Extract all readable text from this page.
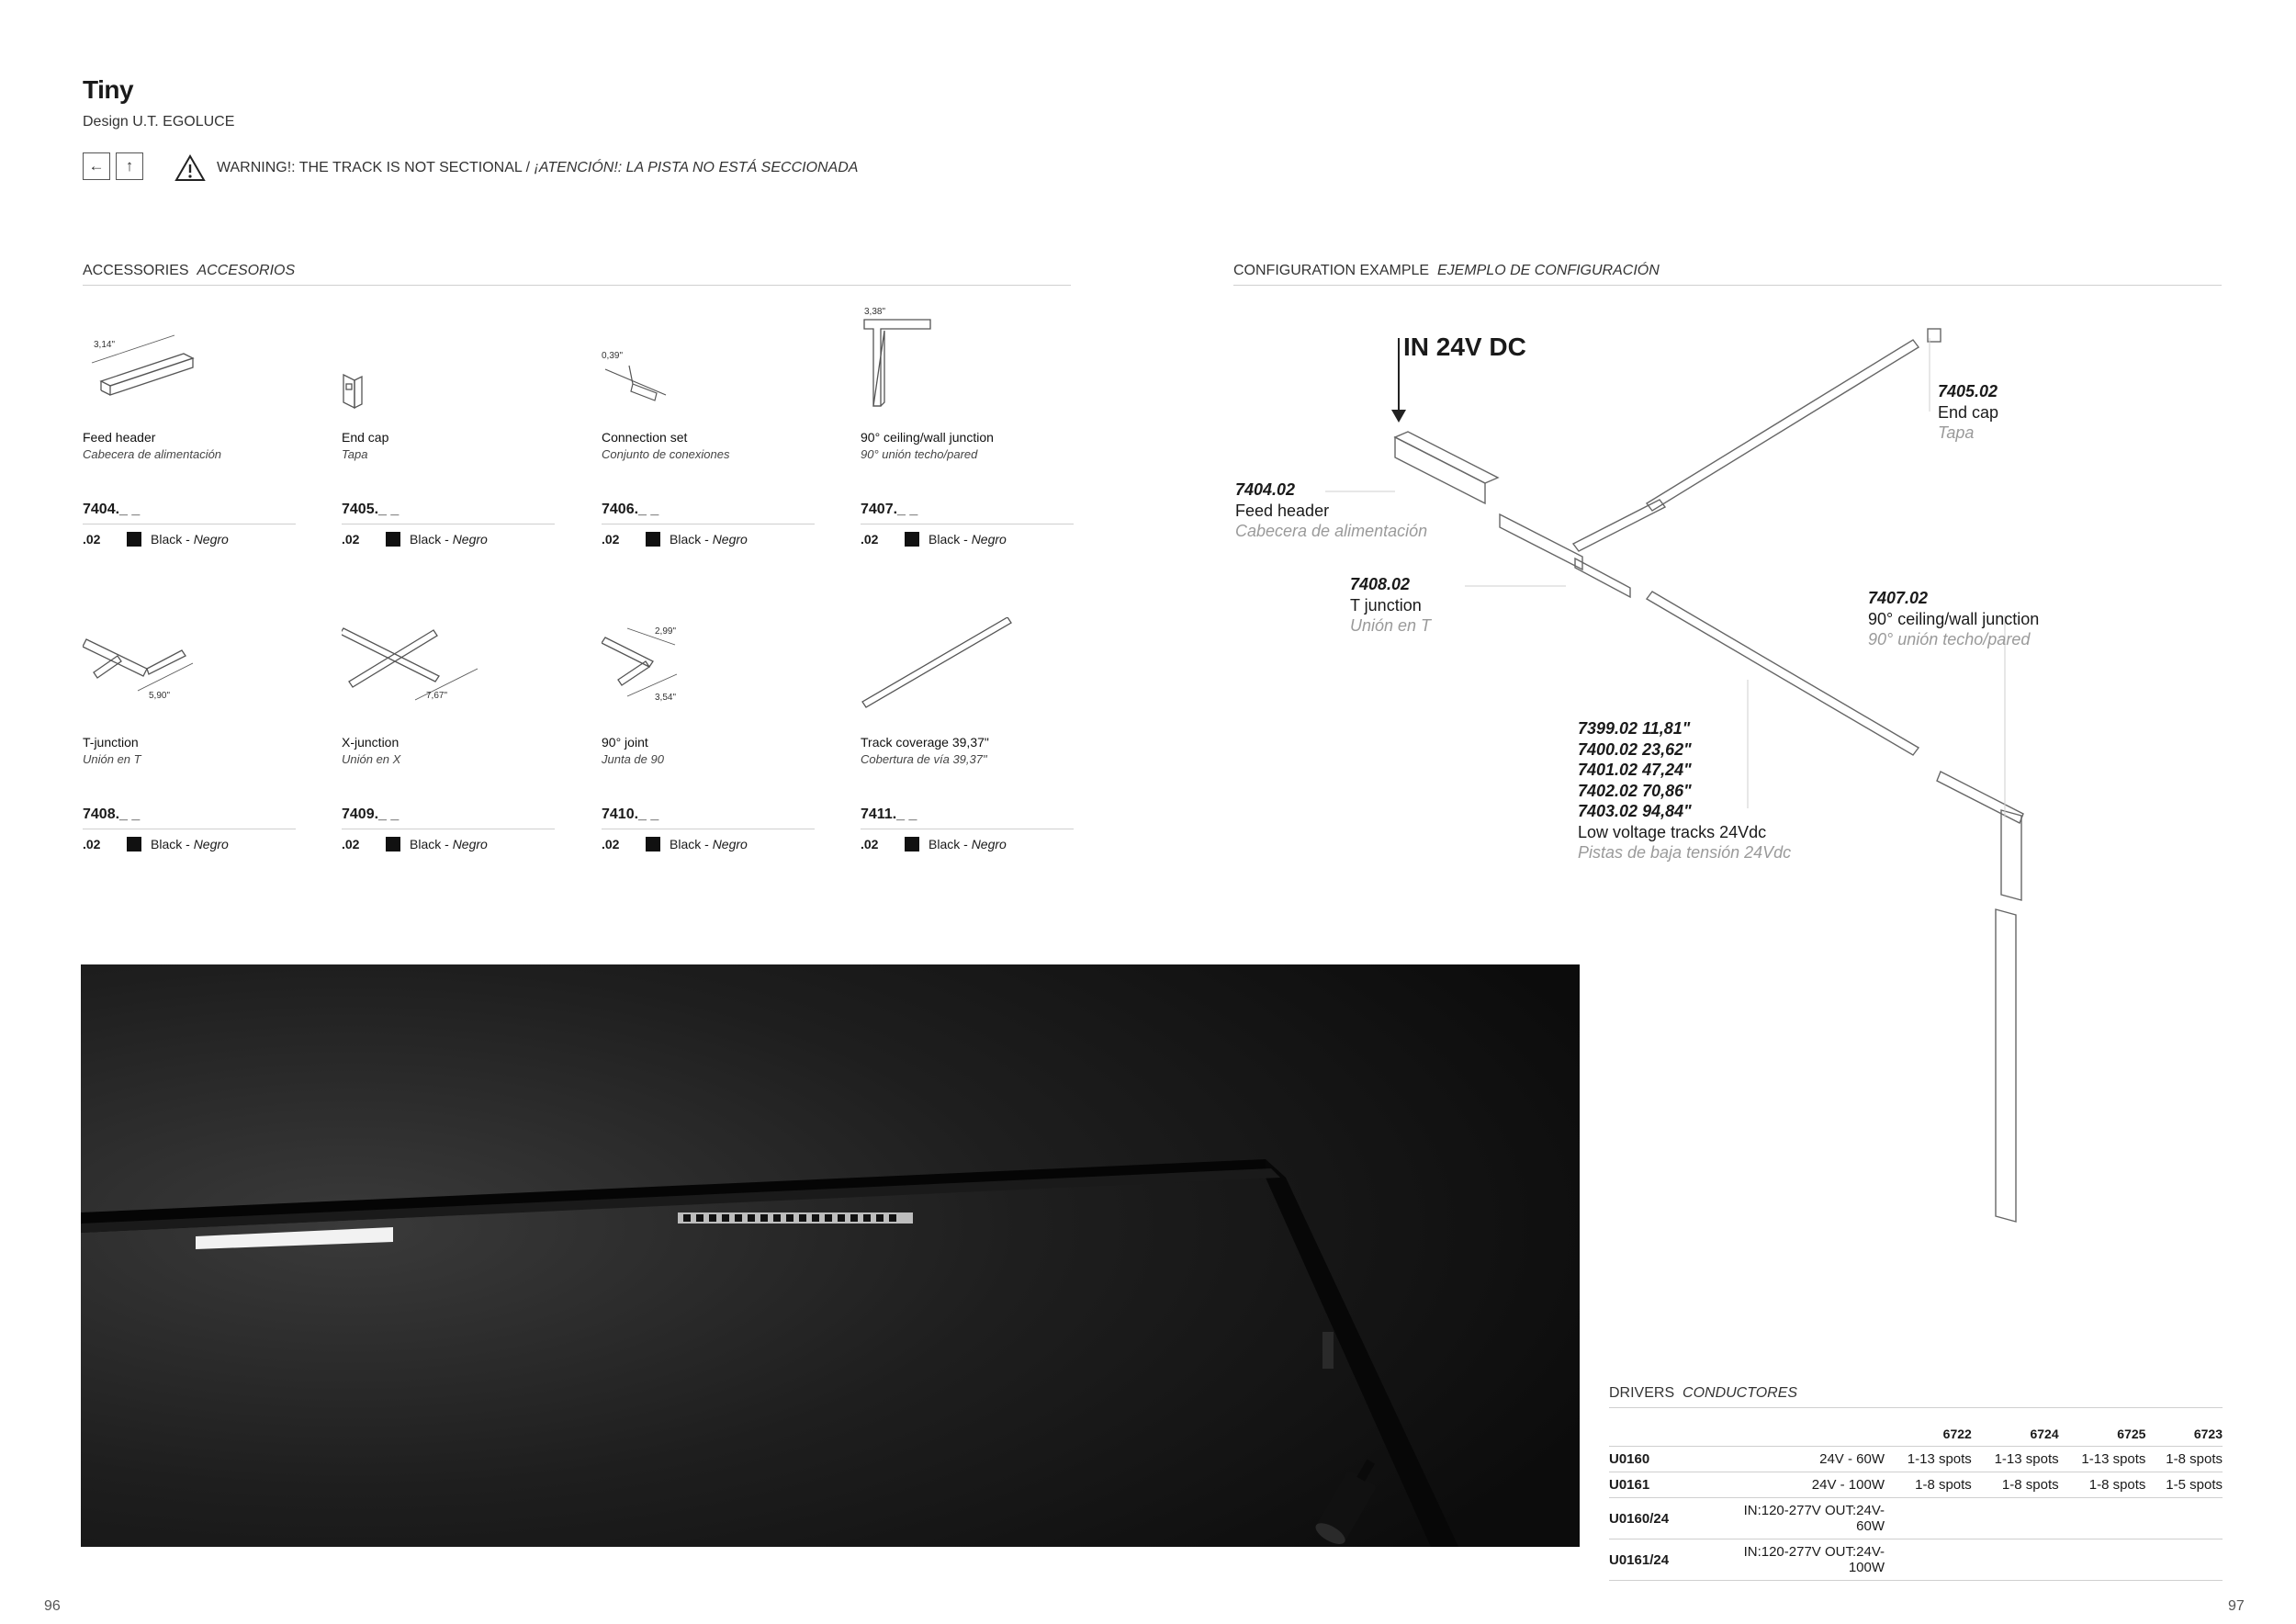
Tiny
Design U.T. EGOLUCE
← ↑	WARNING!: THE TRACK IS NOT SECTIONAL / ¡ATENCIÓN!: LA PISTA NO ESTÁ SECCIONADA
ACCESSORIES ACCESORIOS	CONFIGURATION EXAMPLE EJEMPLO DE CONFIGURACIÓN
3,14"
Feed header
Cabecera de alimentación
7404._ _
.02	Black - Negro
End cap
Tapa
7405._ _
.02	Black - Negro
0,39"
Connection set
Conjunto de conexiones
7406._ _
.02	Black - Negro
3,38"
90° ceiling/wall junction
90° unión techo/pared
7407._ _
.02	Black - Negro
5,90"
T-junction
Unión en T
7408._ _
.02	Black - Negro
7,67"
X-junction
Unión en X
7409._ _
.02	Black - Negro
2,99"
3,54"
90° joint
Junta de 90
7410._ _
.02	Black - Negro
Track coverage 39,37"
Cobertura de vía 39,37"
7411._ _
.02	Black - Negro
IN 24V DC
7404.02
Feed header
Cabecera de alimentación
7408.02
T junction
Unión en T
7405.02
End cap
Tapa
7407.02
90° ceiling/wall junction
90° unión techo/pared
7399.02 11,81"
7400.02 23,62"
7401.02 47,24"
7402.02 70,86"
7403.02 94,84"
Low voltage tracks 24Vdc
Pistas de baja tensión 24Vdc
DRIVERS CONDUCTORES
		6722	6724	6725	6723
U0160	24V - 60W	1-13 spots	1-13 spots	1-13 spots	1-8 spots
U0161	24V - 100W	1-8 spots	1-8 spots	1-8 spots	1-5 spots
U0160/24	IN:120-277V OUT:24V-60W				
U0161/24	IN:120-277V OUT:24V-100W				
96	97
